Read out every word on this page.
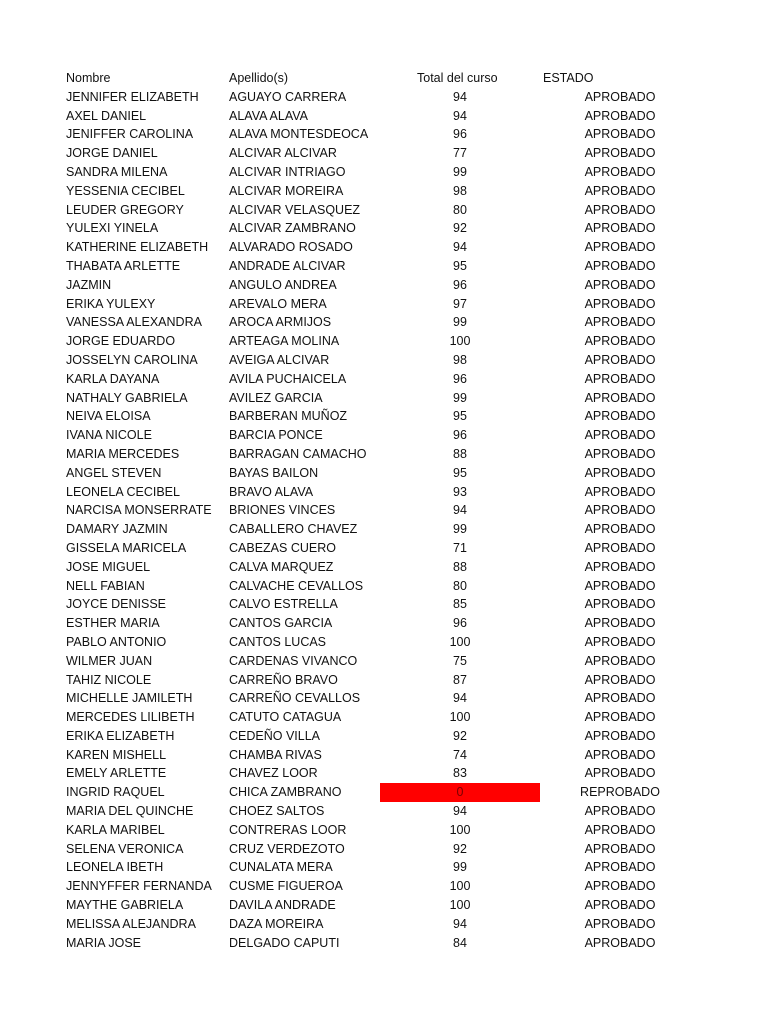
Nombre	Apellido(s)	Total del curso	ESTADO
JENNIFER ELIZABETH	AGUAYO CARRERA	94	APROBADO
AXEL DANIEL	ALAVA ALAVA	94	APROBADO
JENIFFER CAROLINA	ALAVA MONTESDEOCA	96	APROBADO
JORGE DANIEL	ALCIVAR ALCIVAR	77	APROBADO
SANDRA MILENA	ALCIVAR INTRIAGO	99	APROBADO
YESSENIA CECIBEL	ALCIVAR MOREIRA	98	APROBADO
LEUDER GREGORY	ALCIVAR VELASQUEZ	80	APROBADO
YULEXI YINELA	ALCIVAR ZAMBRANO	92	APROBADO
KATHERINE ELIZABETH	ALVARADO ROSADO	94	APROBADO
THABATA ARLETTE	ANDRADE ALCIVAR	95	APROBADO
JAZMIN	ANGULO ANDREA	96	APROBADO
ERIKA YULEXY	AREVALO MERA	97	APROBADO
VANESSA ALEXANDRA	AROCA ARMIJOS	99	APROBADO
JORGE EDUARDO	ARTEAGA MOLINA	100	APROBADO
JOSSELYN CAROLINA	AVEIGA ALCIVAR	98	APROBADO
KARLA DAYANA	AVILA PUCHAICELA	96	APROBADO
NATHALY GABRIELA	AVILEZ GARCIA	99	APROBADO
NEIVA ELOISA	BARBERAN MUÑOZ	95	APROBADO
IVANA NICOLE	BARCIA PONCE	96	APROBADO
MARIA MERCEDES	BARRAGAN CAMACHO	88	APROBADO
ANGEL STEVEN	BAYAS BAILON	95	APROBADO
LEONELA CECIBEL	BRAVO ALAVA	93	APROBADO
NARCISA MONSERRATE	BRIONES VINCES	94	APROBADO
DAMARY JAZMIN	CABALLERO CHAVEZ	99	APROBADO
GISSELA MARICELA	CABEZAS CUERO	71	APROBADO
JOSE MIGUEL	CALVA MARQUEZ	88	APROBADO
NELL FABIAN	CALVACHE CEVALLOS	80	APROBADO
JOYCE DENISSE	CALVO ESTRELLA	85	APROBADO
ESTHER MARIA	CANTOS GARCIA	96	APROBADO
PABLO ANTONIO	CANTOS LUCAS	100	APROBADO
WILMER JUAN	CARDENAS VIVANCO	75	APROBADO
TAHIZ NICOLE	CARREÑO BRAVO	87	APROBADO
MICHELLE JAMILETH	CARREÑO CEVALLOS	94	APROBADO
MERCEDES LILIBETH	CATUTO CATAGUA	100	APROBADO
ERIKA ELIZABETH	CEDEÑO VILLA	92	APROBADO
KAREN MISHELL	CHAMBA RIVAS	74	APROBADO
EMELY ARLETTE	CHAVEZ LOOR	83	APROBADO
INGRID RAQUEL	CHICA ZAMBRANO	0	REPROBADO
MARIA DEL QUINCHE	CHOEZ SALTOS	94	APROBADO
KARLA MARIBEL	CONTRERAS LOOR	100	APROBADO
SELENA VERONICA	CRUZ VERDEZOTO	92	APROBADO
LEONELA IBETH	CUNALATA MERA	99	APROBADO
JENNYFFER FERNANDA	CUSME FIGUEROA	100	APROBADO
MAYTHE GABRIELA	DAVILA ANDRADE	100	APROBADO
MELISSA ALEJANDRA	DAZA MOREIRA	94	APROBADO
MARIA JOSE	DELGADO CAPUTI	84	APROBADO
